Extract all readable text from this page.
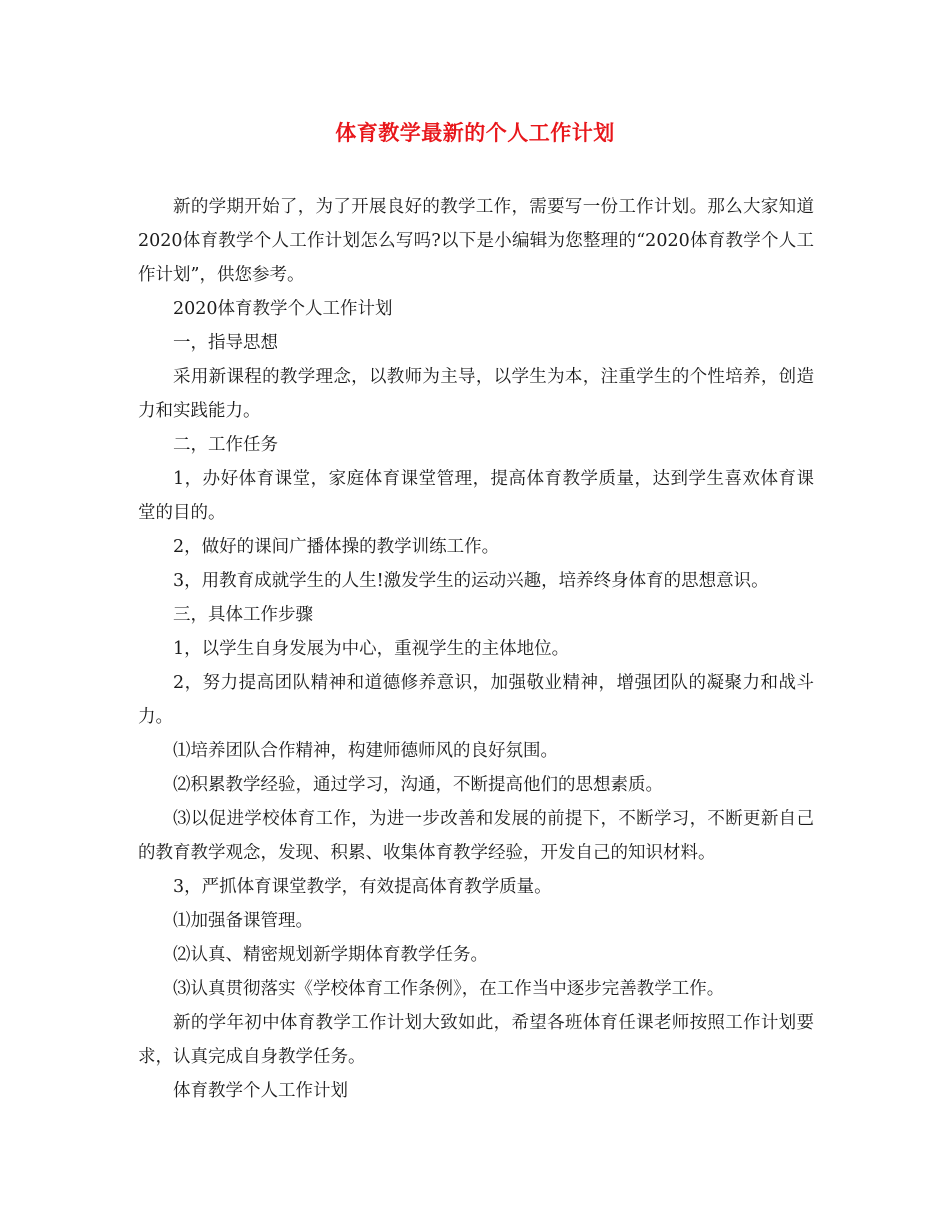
体育教学最新的个人工作计划

新的学期开始了，为了开展良好的教学工作，需要写一份工作计划。那么大家知道2020体育教学个人工作计划怎么写吗?以下是小编辑为您整理的“2020体育教学个人工作计划”，供您参考。

2020体育教学个人工作计划

一，指导思想

采用新课程的教学理念，以教师为主导，以学生为本，注重学生的个性培养，创造力和实践能力。

二，工作任务

1，办好体育课堂，家庭体育课堂管理，提高体育教学质量，达到学生喜欢体育课堂的目的。

2，做好的课间广播体操的教学训练工作。

3，用教育成就学生的人生!激发学生的运动兴趣，培养终身体育的思想意识。

三，具体工作步骤

1，以学生自身发展为中心，重视学生的主体地位。

2，努力提高团队精神和道德修养意识，加强敬业精神，增强团队的凝聚力和战斗力。

⑴培养团队合作精神，构建师德师风的良好氛围。

⑵积累教学经验，通过学习，沟通，不断提高他们的思想素质。

⑶以促进学校体育工作，为进一步改善和发展的前提下，不断学习，不断更新自己的教育教学观念，发现、积累、收集体育教学经验，开发自己的知识材料。

3，严抓体育课堂教学，有效提高体育教学质量。

⑴加强备课管理。

⑵认真、精密规划新学期体育教学任务。

⑶认真贯彻落实《学校体育工作条例》，在工作当中逐步完善教学工作。

新的学年初中体育教学工作计划大致如此，希望各班体育任课老师按照工作计划要求，认真完成自身教学任务。

体育教学个人工作计划
